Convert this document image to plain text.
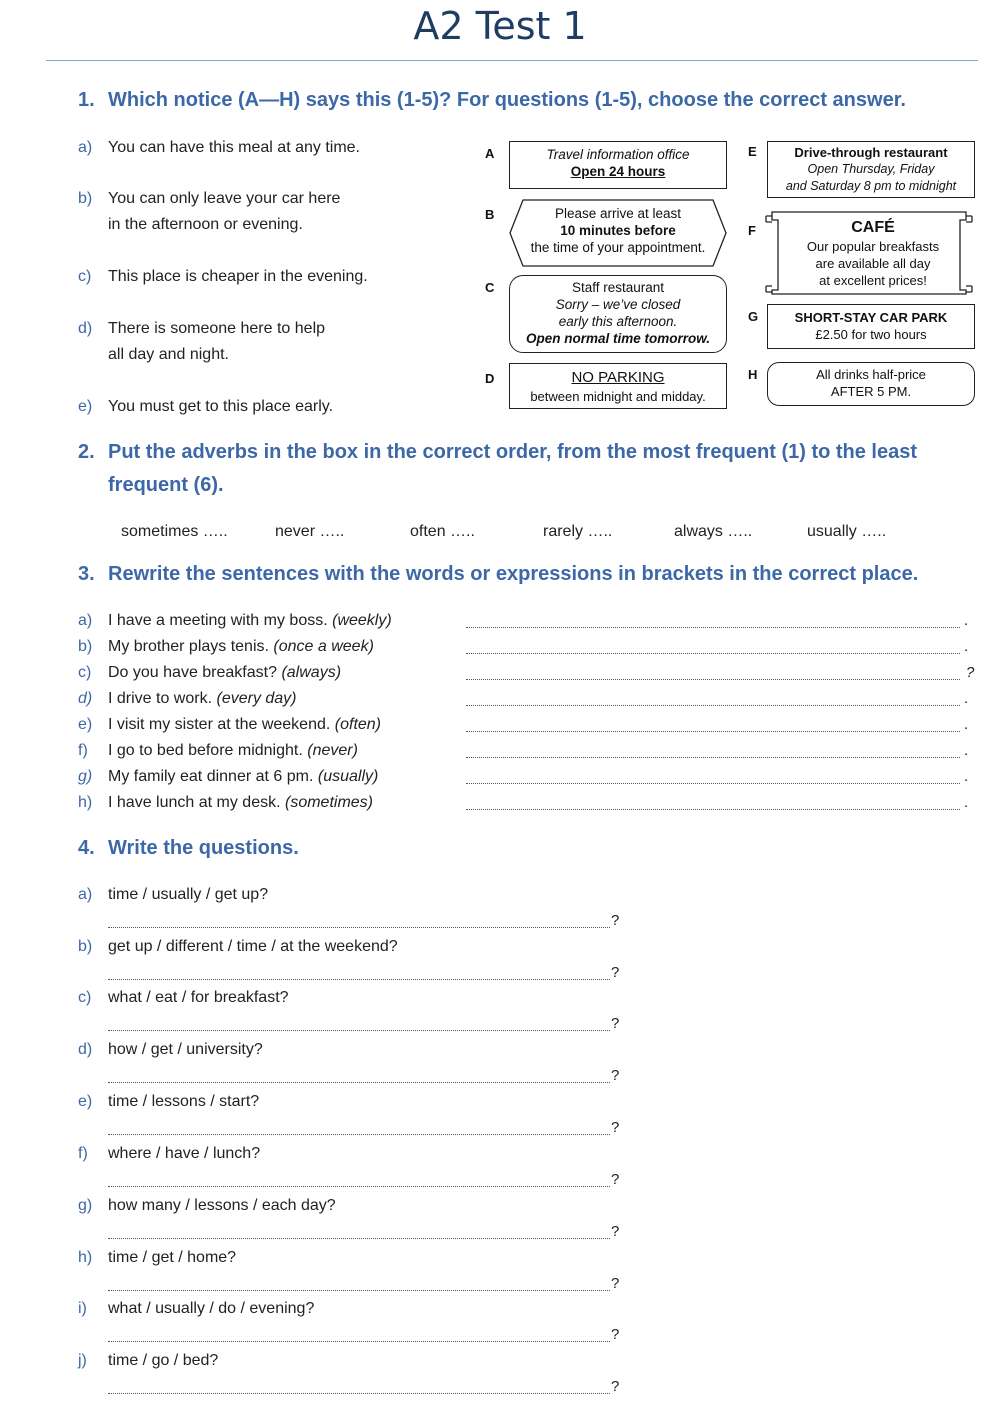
A2 Test 1
1. Which notice (A—H) says this (1-5)? For questions (1-5), choose the correct answer.
a) You can have this meal at any time.
b) You can only leave your car here
in the afternoon or evening.
c) This place is cheaper in the evening.
d) There is someone here to help
all day and night.
e) You must get to this place early.
A	Travel information office
Open 24 hours
B	Please arrive at least
10 minutes before
the time of your appointment.
C	Staff restaurant
Sorry – we’ve closed
early this afternoon.
Open normal time tomorrow.
D	NO PARKING
between midnight and midday.
E	Drive-through restaurant
Open Thursday, Friday
and Saturday 8 pm to midnight
F	CAFÉ
Our popular breakfasts
are available all day
at excellent prices!
G	SHORT-STAY CAR PARK
£2.50 for two hours
H	All drinks half-price
AFTER 5 PM.
2. Put the adverbs in the box in the correct order, from the most frequent (1) to the least
frequent (6).
sometimes …..	never …..	often …..	rarely …..	always …..	usually …..
3. Rewrite the sentences with the words or expressions in brackets in the correct place.
a) I have a meeting with my boss. (weekly)	.
b) My brother plays tenis. (once a week)	.
c) Do you have breakfast? (always)	?
d) I drive to work. (every day)	.
e) I visit my sister at the weekend. (often)	.
f) I go to bed before midnight. (never)	.
g) My family eat dinner at 6 pm. (usually)	.
h) I have lunch at my desk. (sometimes)	.
4. Write the questions.
a) time / usually / get up?
?
b) get up / different / time / at the weekend?
?
c) what / eat / for breakfast?
?
d) how / get / university?
?
e) time / lessons / start?
?
f) where / have / lunch?
?
g) how many / lessons / each day?
?
h) time / get / home?
?
i) what / usually / do / evening?
?
j) time / go / bed?
?
